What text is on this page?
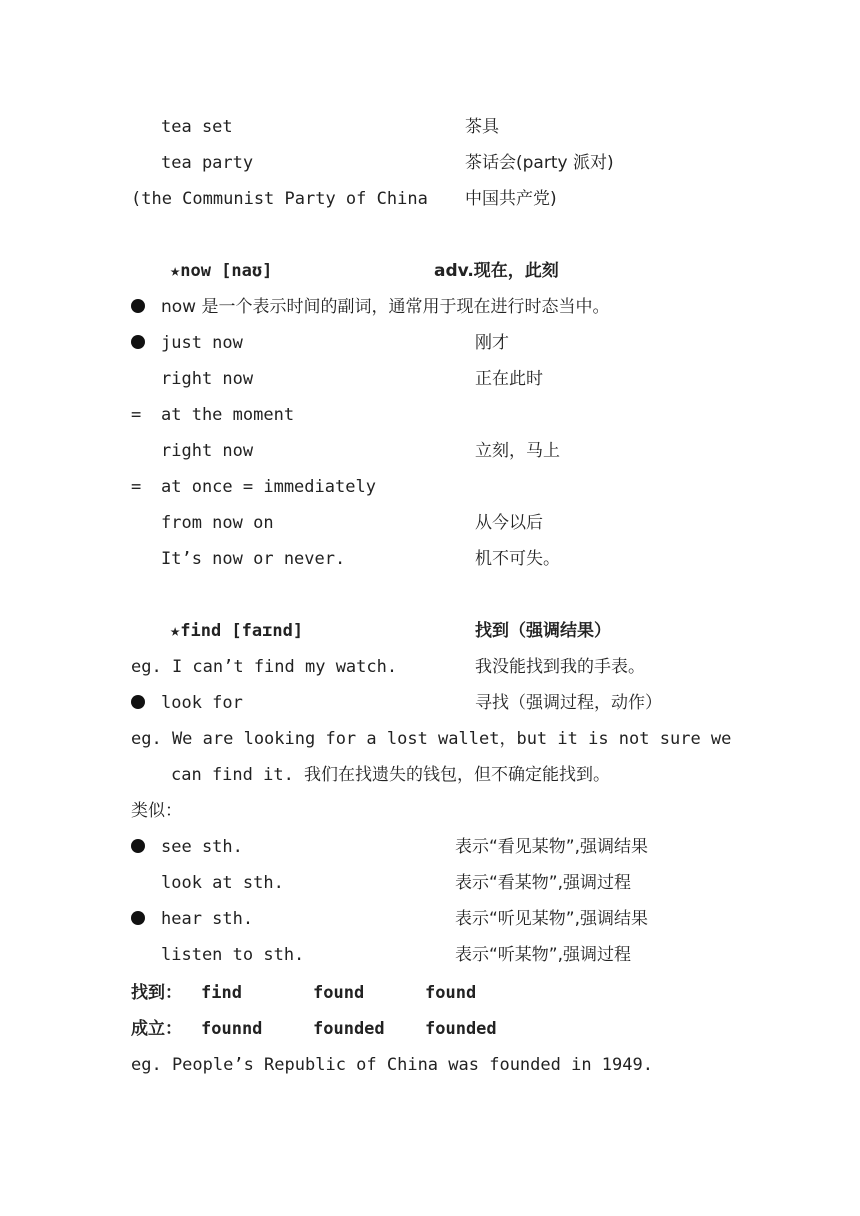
tea set	茶具
tea party	茶话会(party 派对)
(the Communist Party of China 中国共产党)
★now [naʊ]	adv.现在，此刻
now 是一个表示时间的副词，通常用于现在进行时态当中。
just now	刚才
right now	正在此时
= at the moment
right now	立刻，马上
= at once = immediately
from now on	从今以后
It’s now or never.	机不可失。
★find [faɪnd]	找到（强调结果）
eg. I can’t find my watch.	我没能找到我的手表。
look for	寻找（强调过程，动作）
eg. We are looking for a lost wallet，but it is not sure we
can find it. 我们在找遗失的钱包，但不确定能找到。
类似：
see sth.	表示“看见某物”,强调结果
look at sth.	表示“看某物”,强调过程
hear sth.	表示“听见某物”,强调结果
listen to sth.	表示“听某物”,强调过程
找到： find	found	found
成立： founnd	founded founded
eg. People’s Republic of China was founded in 1949.
